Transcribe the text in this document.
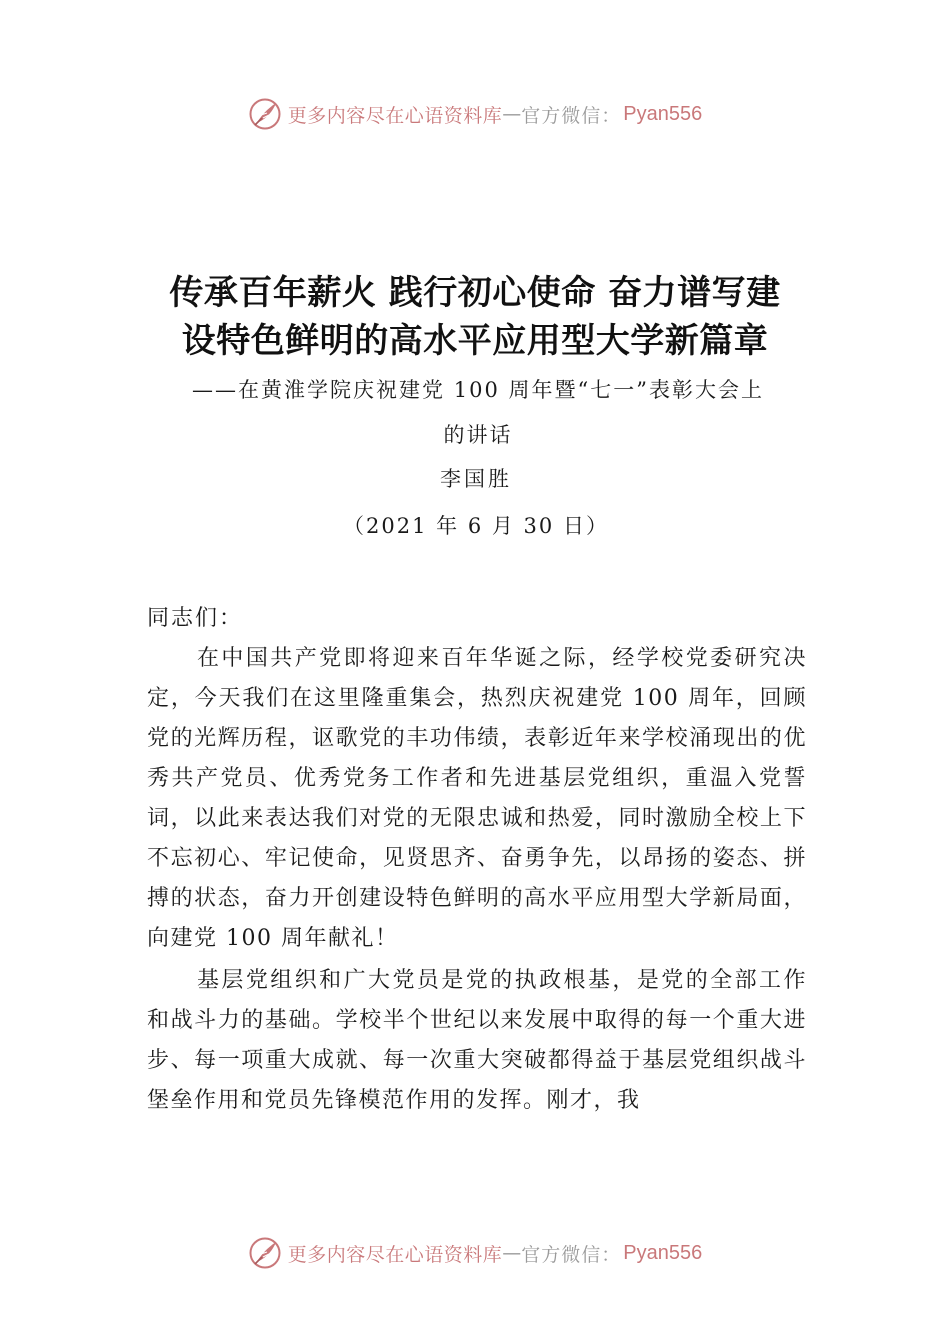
更多内容尽在心语资料库 — 官方微信： Pyan556
传承百年薪火 践行初心使命 奋力谱写建
设特色鲜明的高水平应用型大学新篇章
——在黄淮学院庆祝建党 100 周年暨“七一”表彰大会上
的讲话
李国胜
（2021 年 6 月 30 日）
同志们：

在中国共产党即将迎来百年华诞之际，经学校党委研究决定，今天我们在这里隆重集会，热烈庆祝建党 100 周年，回顾党的光辉历程，讴歌党的丰功伟绩，表彰近年来学校涌现出的优秀共产党员、优秀党务工作者和先进基层党组织，重温入党誓词，以此来表达我们对党的无限忠诚和热爱，同时激励全校上下不忘初心、牢记使命，见贤思齐、奋勇争先，以昂扬的姿态、拼搏的状态，奋力开创建设特色鲜明的高水平应用型大学新局面，向建党 100 周年献礼！

基层党组织和广大党员是党的执政根基，是党的全部工作和战斗力的基础。学校半个世纪以来发展中取得的每一个重大进步、每一项重大成就、每一次重大突破都得益于基层党组织战斗堡垒作用和党员先锋模范作用的发挥。刚才，我

更多内容尽在心语资料库 — 官方微信： Pyan556
